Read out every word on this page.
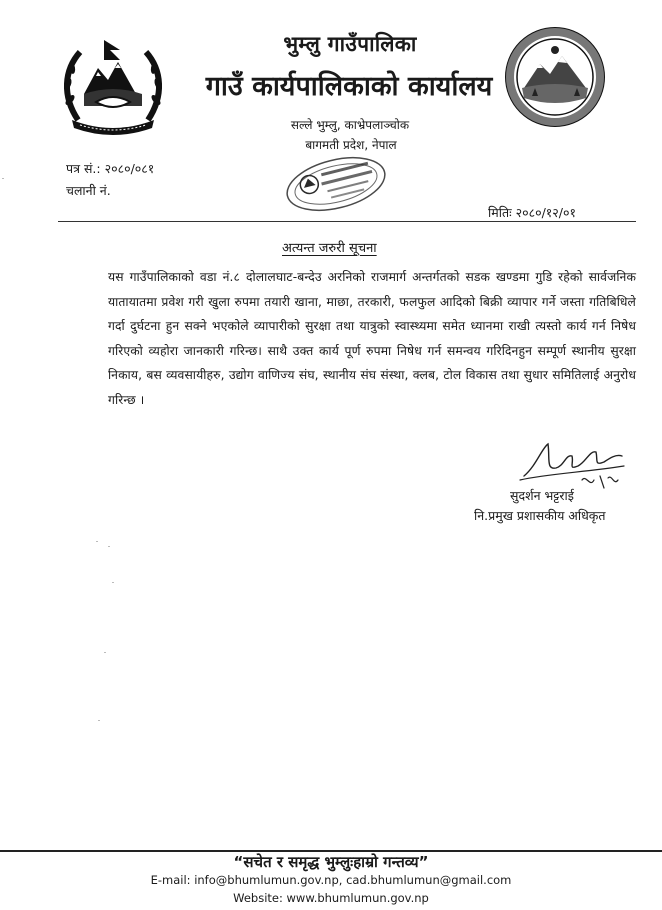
भुम्लु गाउँपालिका
गाउँ कार्यपालिकाको कार्यालय
सल्ले भुम्लु, काभ्रेपलाञ्चोक
बागमती प्रदेश, नेपाल
पत्र सं.: २०८०/०८१
चलानी नं.
मितिः २०८०/१२/०१
अत्यन्त जरुरी सूचना
यस गाउँपालिकाको वडा नं.८ दोलालघाट-बन्देउ अरनिको राजमार्ग अन्तर्गतको सडक खण्डमा गुडि रहेको सार्वजनिक यातायातमा प्रवेश गरी खुला रुपमा तयारी खाना, माछा, तरकारी, फलफुल आदिको बिक्री व्यापार गर्ने जस्ता गतिबिधिले गर्दा दुर्घटना हुन सक्ने भएकोले व्यापारीको सुरक्षा तथा यात्रुको स्वास्थ्यमा समेत ध्यानमा राखी त्यस्तो कार्य गर्न निषेध गरिएको व्यहोरा जानकारी गरिन्छ। साथै उक्त कार्य पूर्ण रुपमा निषेध गर्न समन्वय गरिदिनहुन सम्पूर्ण स्थानीय सुरक्षा निकाय, बस व्यवसायीहरु, उद्योग वाणिज्य संघ, स्थानीय संघ संस्था, क्लब, टोल विकास तथा सुधार समितिलाई अनुरोध गरिन्छ ।
सुदर्शन भट्टराई
नि.प्रमुख प्रशासकीय अधिकृत
“सचेत र समृद्ध भुम्लुःहाम्रो गन्तव्य”
E-mail: info@bhumlumun.gov.np, cad.bhumlumun@gmail.com
Website: www.bhumlumun.gov.np
